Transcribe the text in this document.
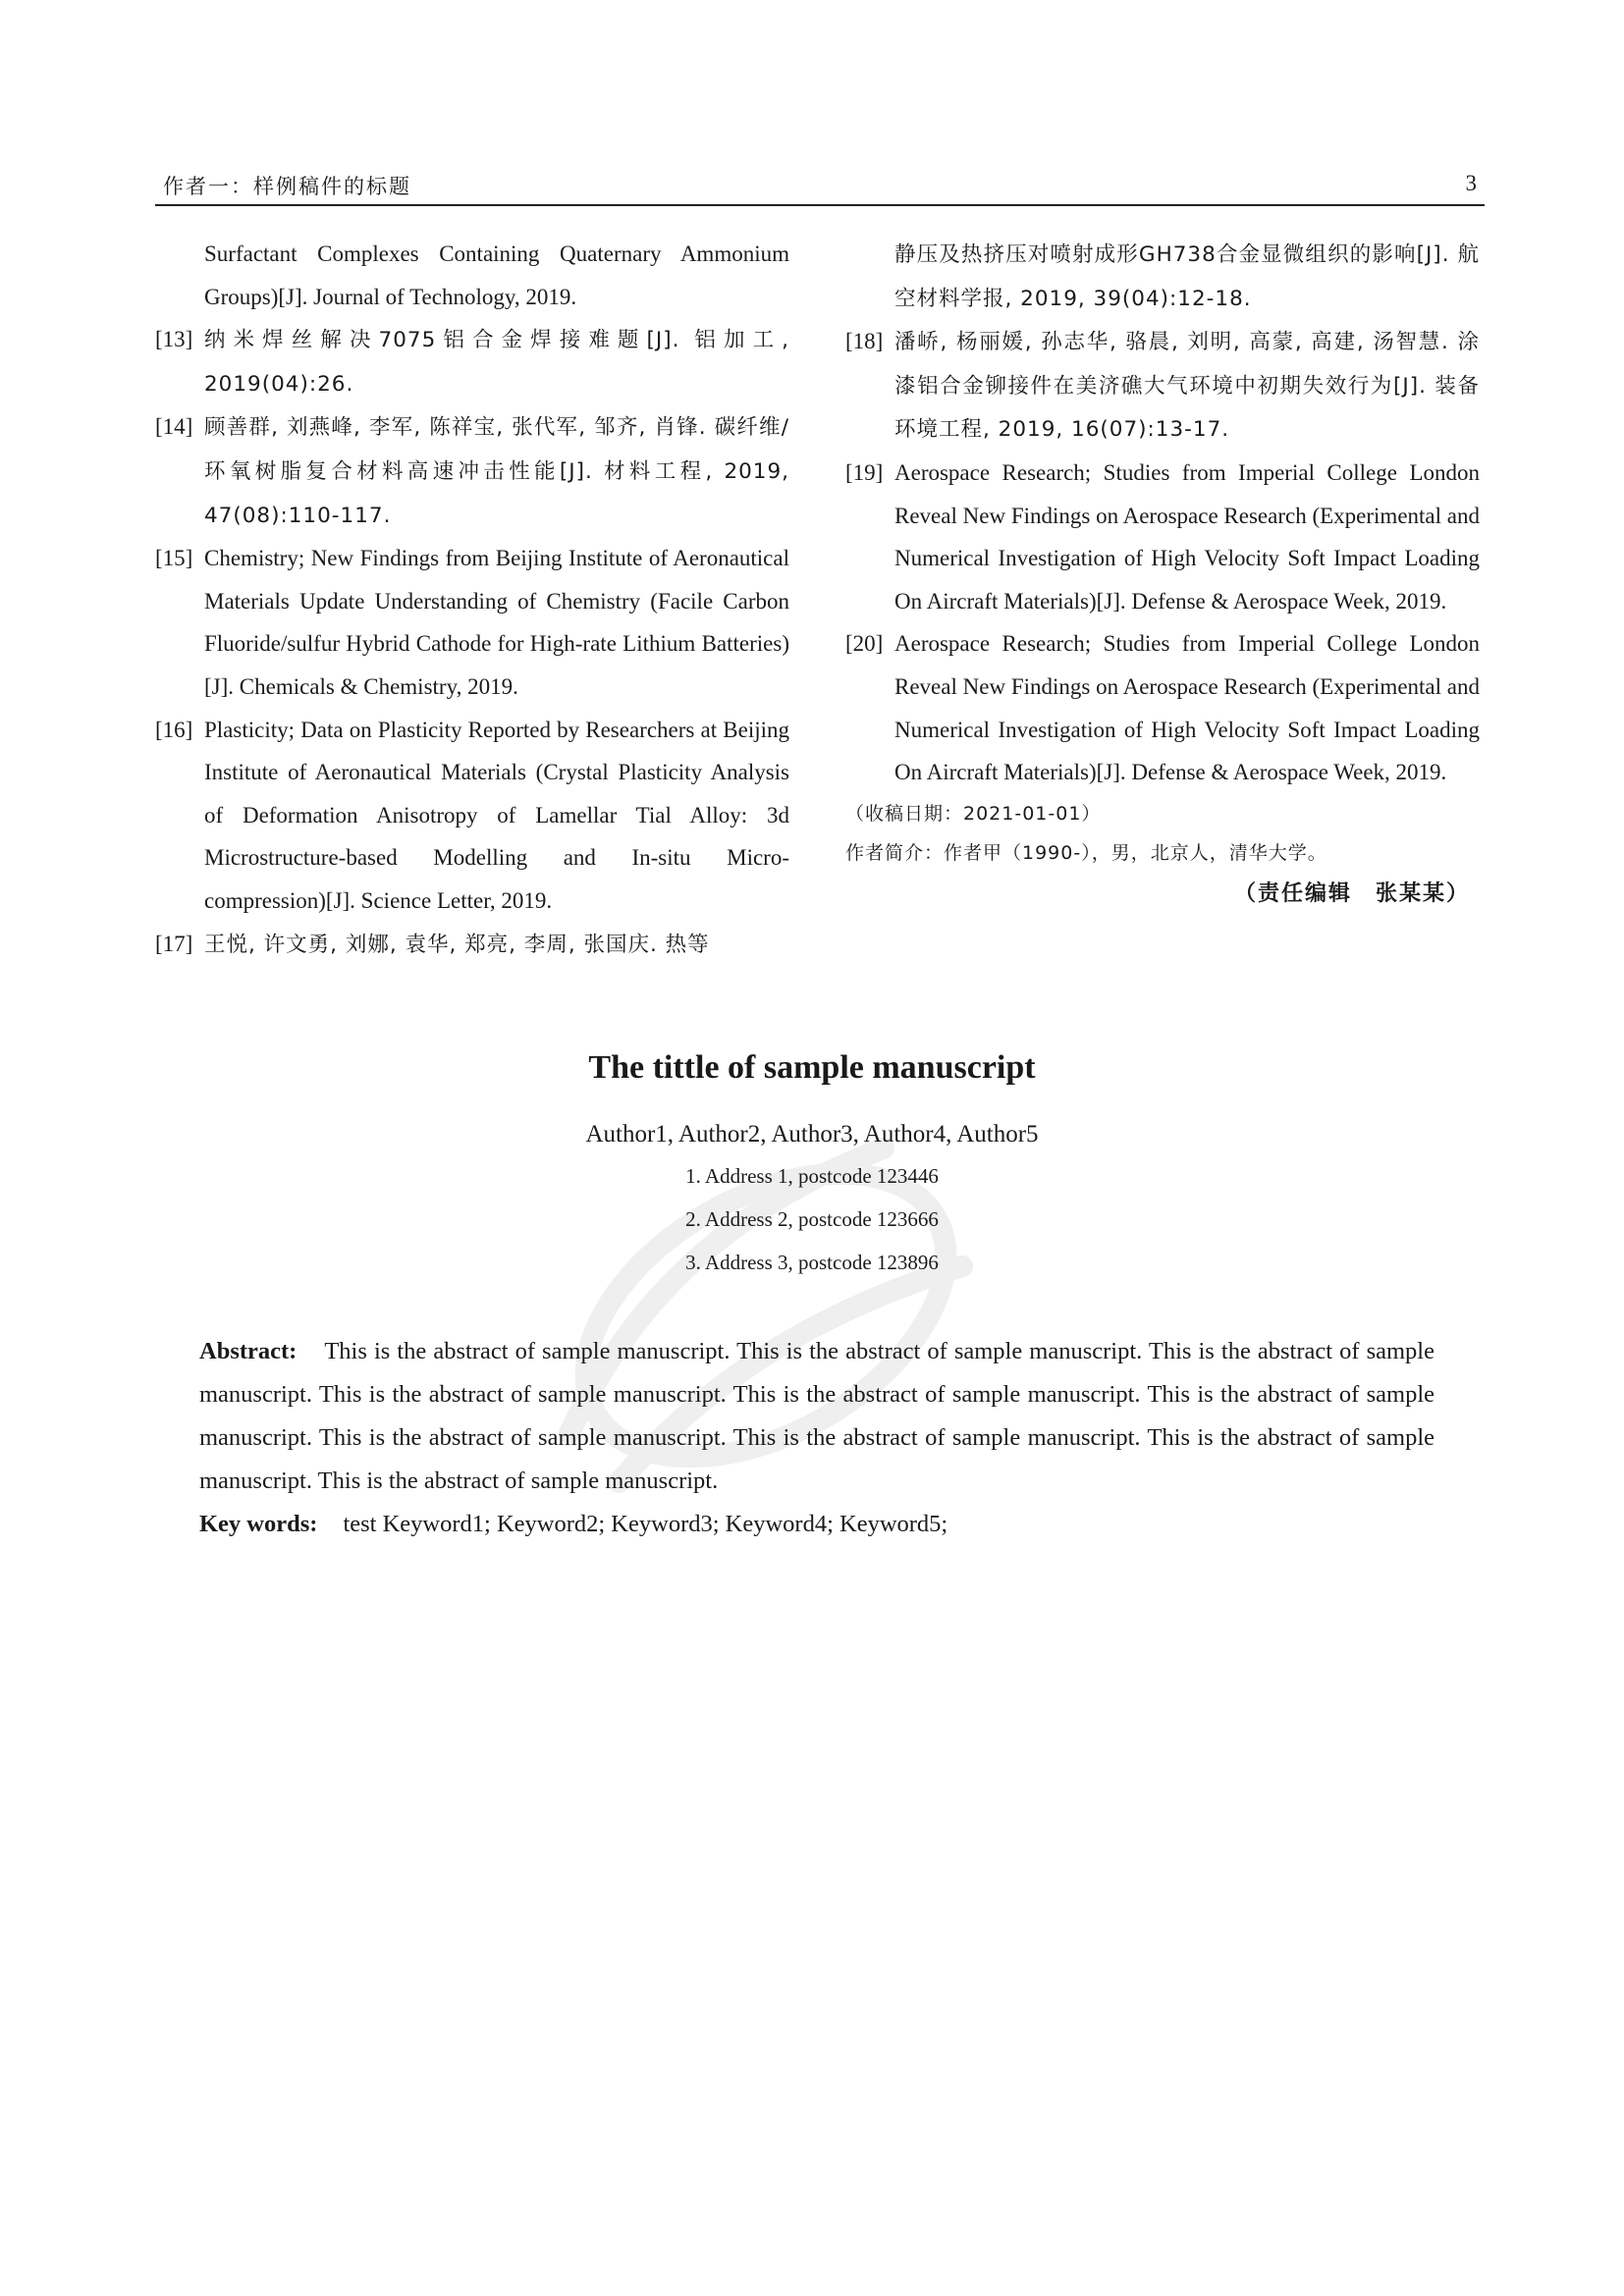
作者一：样例稿件的标题	3
Surfactant Complexes Containing Quaternary Ammonium Groups)[J]. Journal of Technology, 2019.
[13] 纳米焊丝解决7075铝合金焊接难题[J]. 铝加工, 2019(04):26.
[14] 顾善群, 刘燕峰, 李军, 陈祥宝, 张代军, 邹齐, 肖锋. 碳纤维/环氧树脂复合材料高速冲击性能[J]. 材料工程, 2019, 47(08):110-117.
[15] Chemistry; New Findings from Beijing Institute of Aeronautical Materials Update Understanding of Chemistry (Facile Carbon Fluoride/sulfur Hybrid Cathode for High-rate Lithium Batteries)[J]. Chemicals & Chemistry, 2019.
[16] Plasticity; Data on Plasticity Reported by Researchers at Beijing Institute of Aeronautical Materials (Crystal Plasticity Analysis of Deformation Anisotropy of Lamellar Tial Alloy: 3d Microstructure-based Modelling and In-situ Micro-compression)[J]. Science Letter, 2019.
[17] 王悦, 许文勇, 刘娜, 袁华, 郑亮, 李周, 张国庆. 热等
静压及热挤压对喷射成形GH738合金显微组织的影响[J]. 航空材料学报, 2019, 39(04):12-18.
[18] 潘峤, 杨丽媛, 孙志华, 骆晨, 刘明, 高蒙, 高建, 汤智慧. 涂漆铝合金铆接件在美济礁大气环境中初期失效行为[J]. 装备环境工程, 2019, 16(07):13-17.
[19] Aerospace Research; Studies from Imperial College London Reveal New Findings on Aerospace Research (Experimental and Numerical Investigation of High Velocity Soft Impact Loading On Aircraft Materials)[J]. Defense & Aerospace Week, 2019.
[20] Aerospace Research; Studies from Imperial College London Reveal New Findings on Aerospace Research (Experimental and Numerical Investigation of High Velocity Soft Impact Loading On Aircraft Materials)[J]. Defense & Aerospace Week, 2019.
（收稿日期：2021-01-01）
作者简介：作者甲（1990-），男，北京人，清华大学。
（责任编辑　张某某）
The tittle of sample manuscript
Author1, Author2, Author3, Author4, Author5
1. Address 1, postcode 123446
2. Address 2, postcode 123666
3. Address 3, postcode 123896
Abstract: This is the abstract of sample manuscript. This is the abstract of sample manuscript. This is the abstract of sample manuscript. This is the abstract of sample manuscript. This is the abstract of sample manuscript. This is the abstract of sample manuscript. This is the abstract of sample manuscript. This is the abstract of sample manuscript. This is the abstract of sample manuscript. This is the abstract of sample manuscript.
Key words: test Keyword1; Keyword2; Keyword3; Keyword4; Keyword5;
